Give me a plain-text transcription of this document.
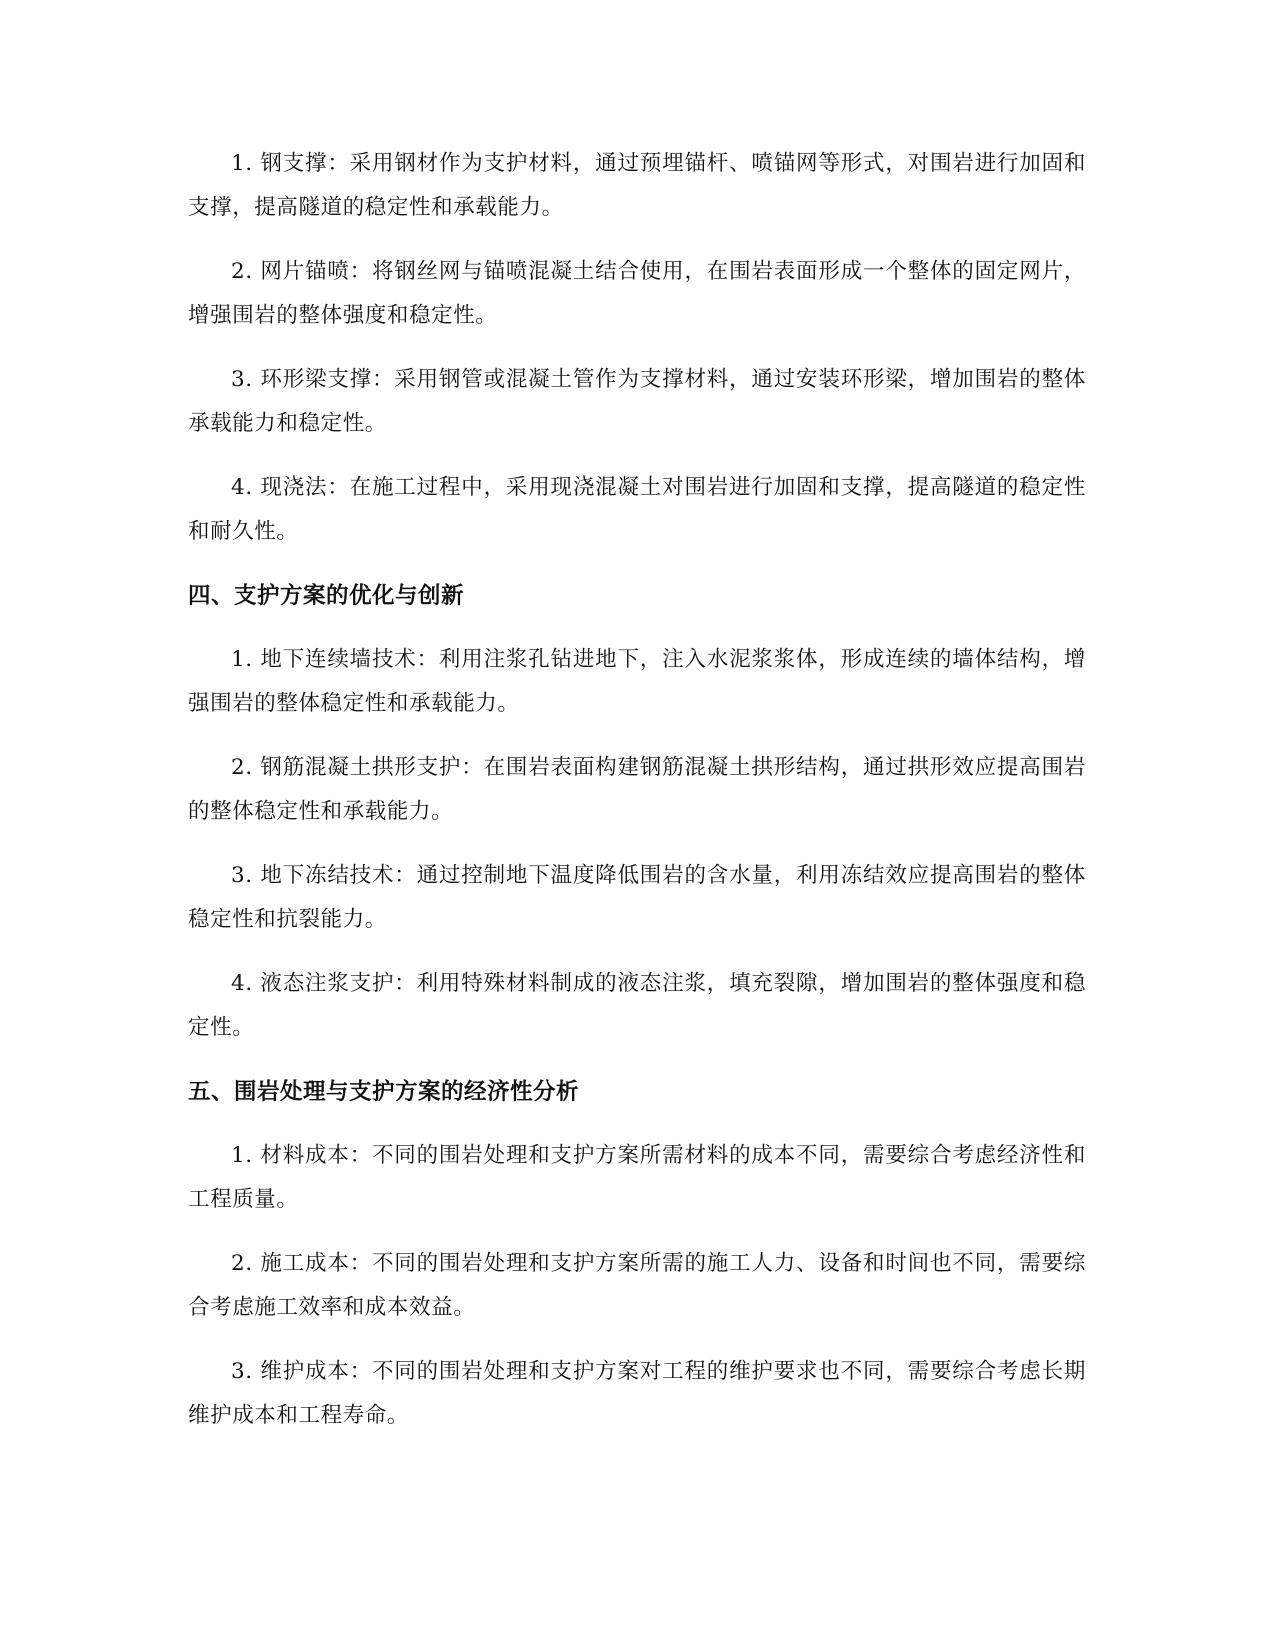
1. 钢支撑：采用钢材作为支护材料，通过预埋锚杆、喷锚网等形式，对围岩进行加固和支撑，提高隧道的稳定性和承载能力。

2. 网片锚喷：将钢丝网与锚喷混凝土结合使用，在围岩表面形成一个整体的固定网片，增强围岩的整体强度和稳定性。

3. 环形梁支撑：采用钢管或混凝土管作为支撑材料，通过安装环形梁，增加围岩的整体承载能力和稳定性。

4. 现浇法：在施工过程中，采用现浇混凝土对围岩进行加固和支撑，提高隧道的稳定性和耐久性。

四、支护方案的优化与创新

1. 地下连续墙技术：利用注浆孔钻进地下，注入水泥浆浆体，形成连续的墙体结构，增强围岩的整体稳定性和承载能力。

2. 钢筋混凝土拱形支护：在围岩表面构建钢筋混凝土拱形结构，通过拱形效应提高围岩的整体稳定性和承载能力。

3. 地下冻结技术：通过控制地下温度降低围岩的含水量，利用冻结效应提高围岩的整体稳定性和抗裂能力。

4. 液态注浆支护：利用特殊材料制成的液态注浆，填充裂隙，增加围岩的整体强度和稳定性。

五、围岩处理与支护方案的经济性分析

1. 材料成本：不同的围岩处理和支护方案所需材料的成本不同，需要综合考虑经济性和工程质量。

2. 施工成本：不同的围岩处理和支护方案所需的施工人力、设备和时间也不同，需要综合考虑施工效率和成本效益。

3. 维护成本：不同的围岩处理和支护方案对工程的维护要求也不同，需要综合考虑长期维护成本和工程寿命。
